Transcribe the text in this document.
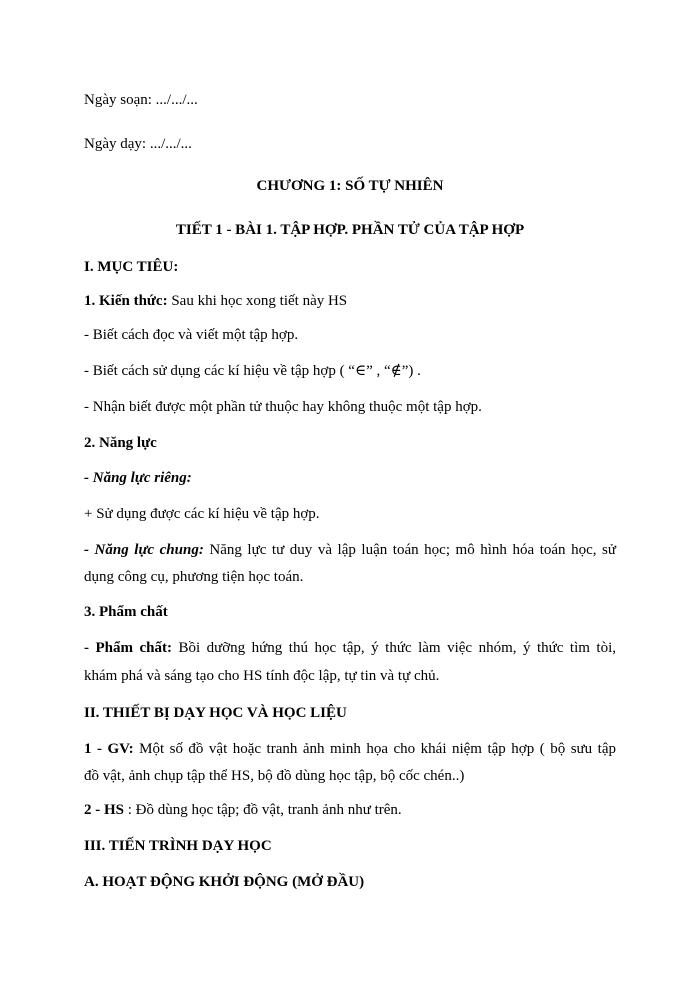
Ngày soạn: .../.../...
Ngày dạy: .../.../...
CHƯƠNG 1: SỐ TỰ NHIÊN
TIẾT 1 - BÀI 1. TẬP HỢP. PHẦN TỬ CỦA TẬP HỢP
I. MỤC TIÊU:
1. Kiến thức: Sau khi học xong tiết này HS
- Biết cách đọc và viết một tập hợp.
- Biết cách sử dụng các kí hiệu về tập hợp ( “∈” , “∉”) .
- Nhận biết được một phần tử thuộc hay không thuộc một tập hợp.
2. Năng lực
- Năng lực riêng:
+ Sử dụng được các kí hiệu về tập hợp.
- Năng lực chung: Năng lực tư duy và lập luận toán học; mô hình hóa toán học, sử
dụng công cụ, phương tiện học toán.
3. Phẩm chất
- Phẩm chất: Bồi dưỡng hứng thú học tập, ý thức làm việc nhóm, ý thức tìm tòi,
khám phá và sáng tạo cho HS tính độc lập, tự tin và tự chủ.
II. THIẾT BỊ DẠY HỌC VÀ HỌC LIỆU
1 - GV: Một số đồ vật hoặc tranh ảnh minh họa cho khái niệm tập hợp ( bộ sưu tập
đồ vật, ảnh chụp tập thể HS, bộ đồ dùng học tập, bộ cốc chén..)
2 - HS : Đồ dùng học tập; đồ vật, tranh ảnh như trên.
III. TIẾN TRÌNH DẠY HỌC
A. HOẠT ĐỘNG KHỞI ĐỘNG (MỞ ĐẦU)
